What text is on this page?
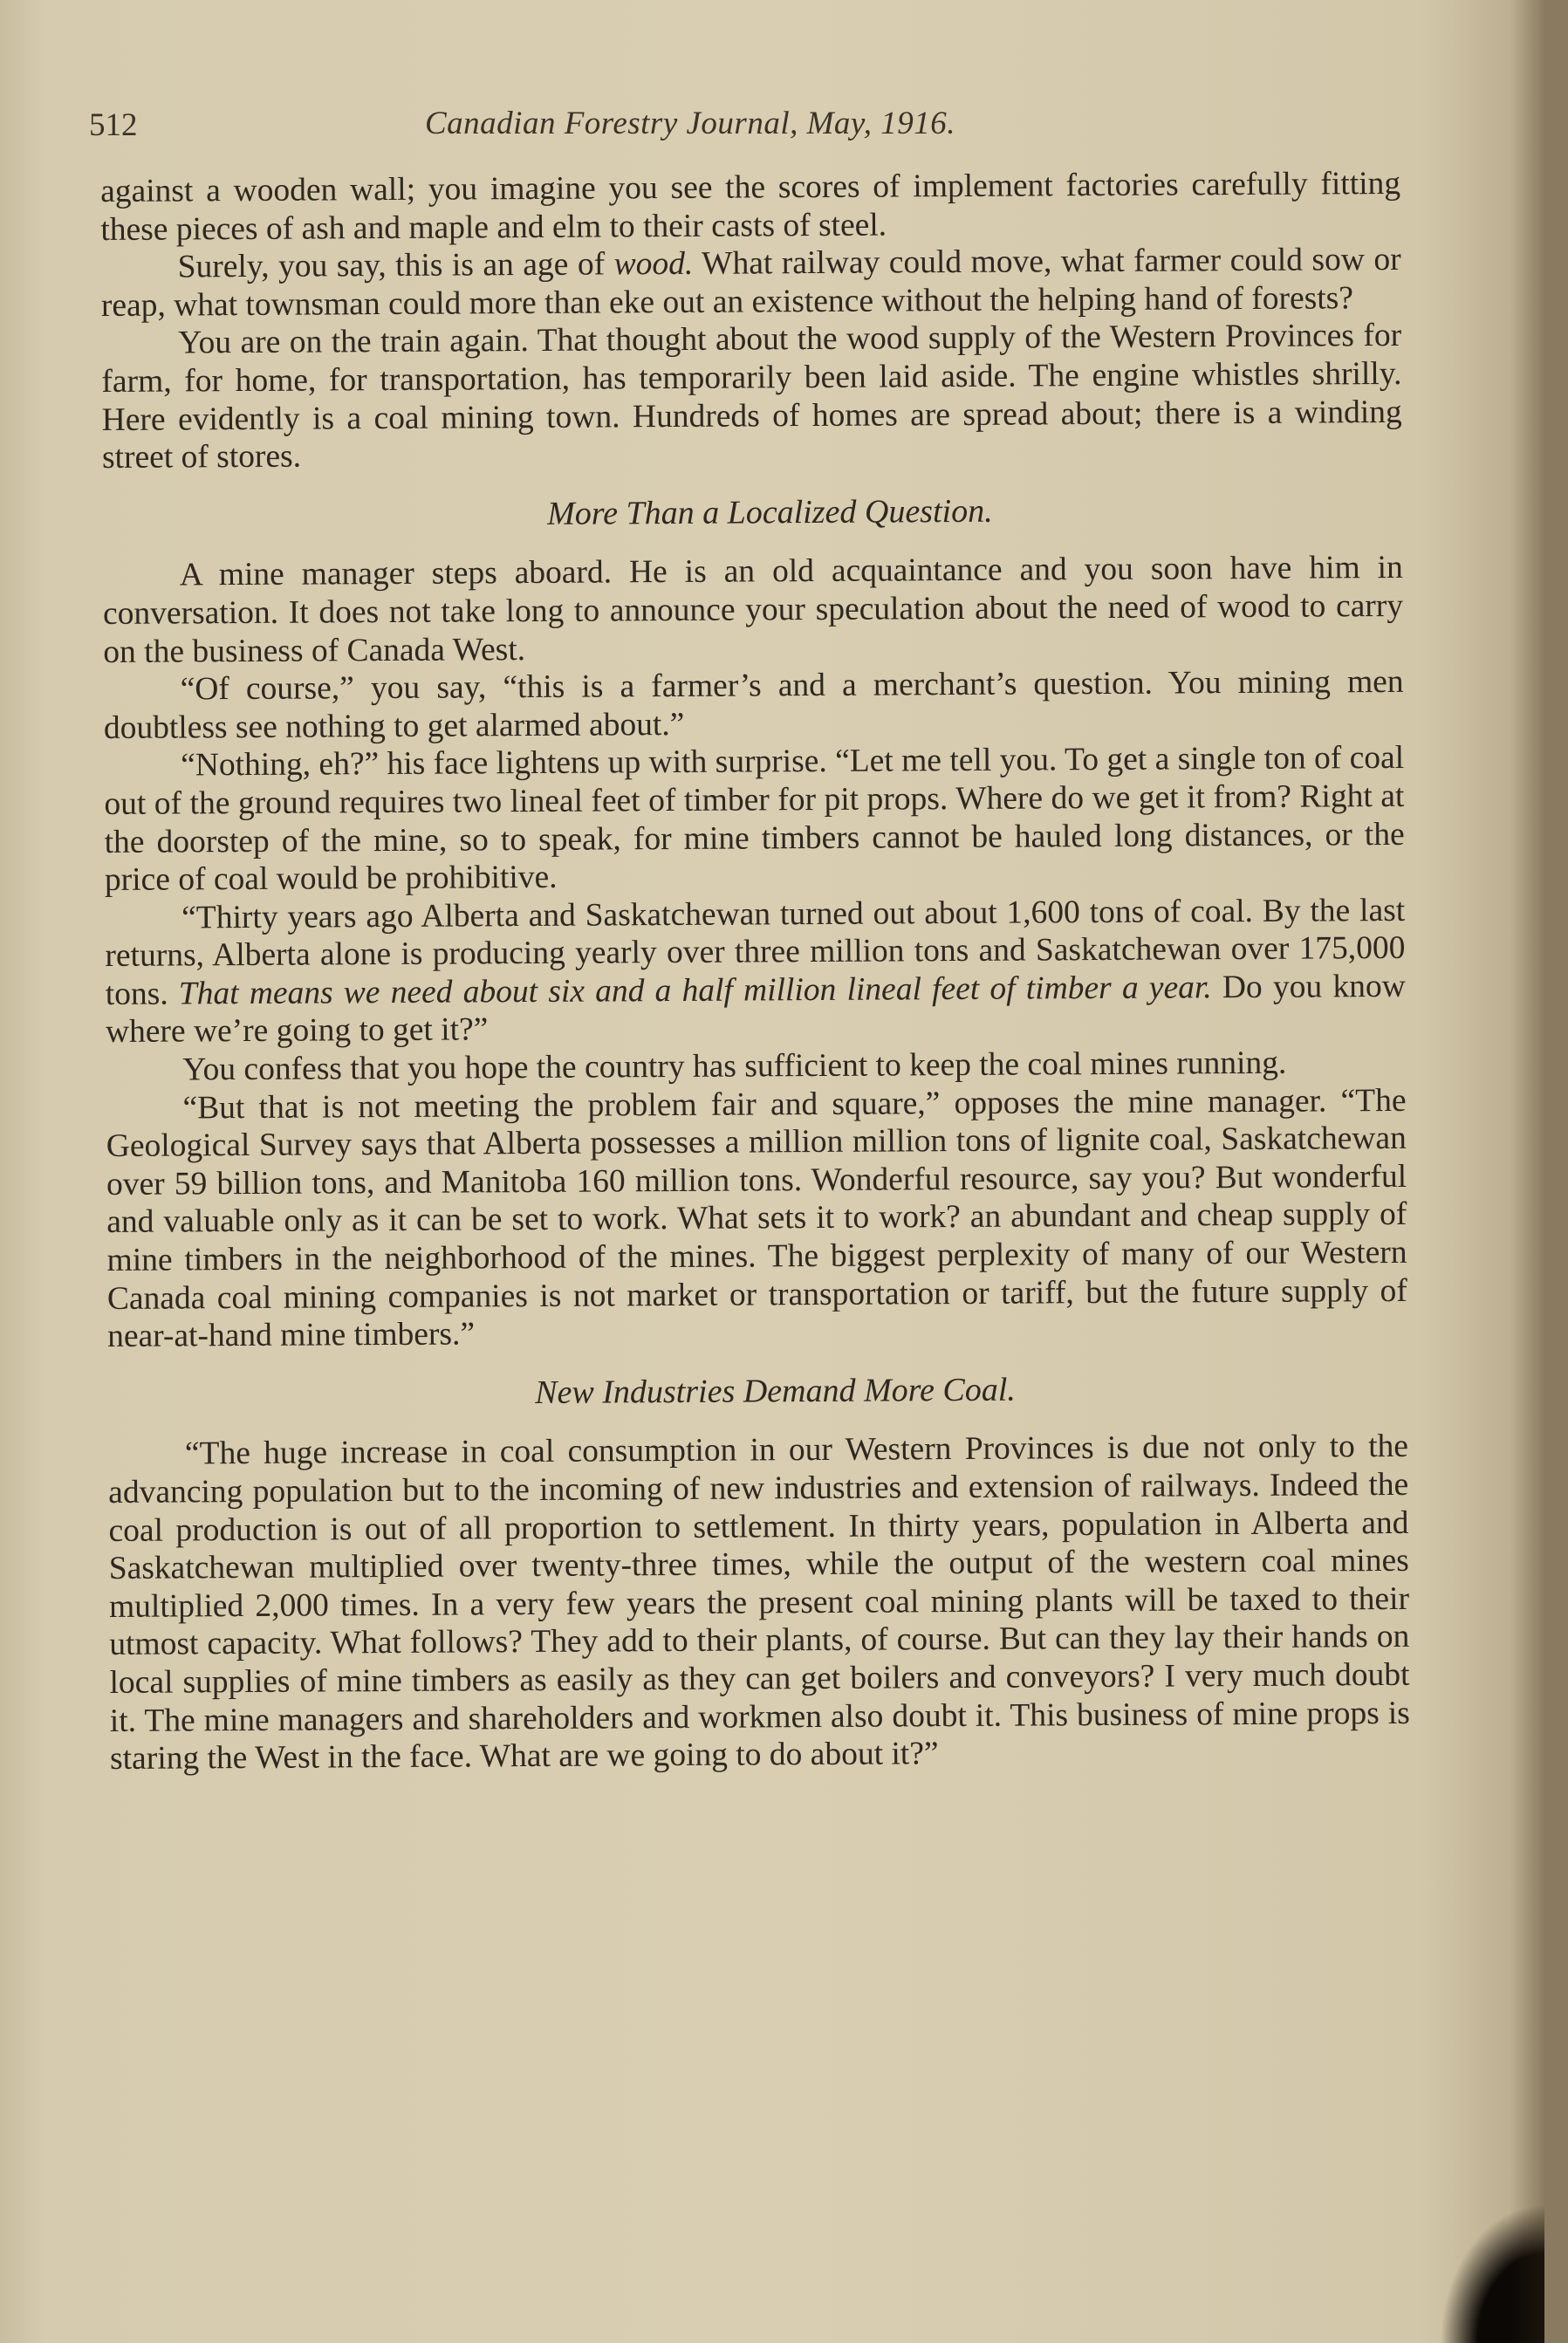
512	Canadian Forestry Journal, May, 1916.

against a wooden wall; you imagine you see the scores of implement factories carefully fitting these pieces of ash and maple and elm to their casts of steel.

Surely, you say, this is an age of wood. What railway could move, what farmer could sow or reap, what townsman could more than eke out an existence without the helping hand of forests?

You are on the train again. That thought about the wood supply of the Western Provinces for farm, for home, for transportation, has temporarily been laid aside. The engine whistles shrilly. Here evidently is a coal mining town. Hundreds of homes are spread about; there is a winding street of stores.

More Than a Localized Question.

A mine manager steps aboard. He is an old acquaintance and you soon have him in conversation. It does not take long to announce your speculation about the need of wood to carry on the business of Canada West.

“Of course,” you say, “this is a farmer’s and a merchant’s question. You mining men doubtless see nothing to get alarmed about.”

“Nothing, eh?” his face lightens up with surprise. “Let me tell you. To get a single ton of coal out of the ground requires two lineal feet of timber for pit props. Where do we get it from? Right at the doorstep of the mine, so to speak, for mine timbers cannot be hauled long distances, or the price of coal would be prohibitive.

“Thirty years ago Alberta and Saskatchewan turned out about 1,600 tons of coal. By the last returns, Alberta alone is producing yearly over three million tons and Saskatchewan over 175,000 tons. That means we need about six and a half million lineal feet of timber a year. Do you know where we’re going to get it?”

You confess that you hope the country has sufficient to keep the coal mines running.

“But that is not meeting the problem fair and square,” opposes the mine manager. “The Geological Survey says that Alberta possesses a million million tons of lignite coal, Saskatchewan over 59 billion tons, and Manitoba 160 million tons. Wonderful resource, say you? But wonderful and valuable only as it can be set to work. What sets it to work? an abundant and cheap supply of mine timbers in the neighborhood of the mines. The biggest perplexity of many of our Western Canada coal mining companies is not market or transportation or tariff, but the future supply of near-at-hand mine timbers.”

New Industries Demand More Coal.

“The huge increase in coal consumption in our Western Provinces is due not only to the advancing population but to the incoming of new industries and extension of railways. Indeed the coal production is out of all proportion to settlement. In thirty years, population in Alberta and Saskatchewan multiplied over twenty-three times, while the output of the western coal mines multiplied 2,000 times. In a very few years the present coal mining plants will be taxed to their utmost capacity. What follows? They add to their plants, of course. But can they lay their hands on local supplies of mine timbers as easily as they can get boilers and conveyors? I very much doubt it. The mine managers and shareholders and workmen also doubt it. This business of mine props is staring the West in the face. What are we going to do about it?”
